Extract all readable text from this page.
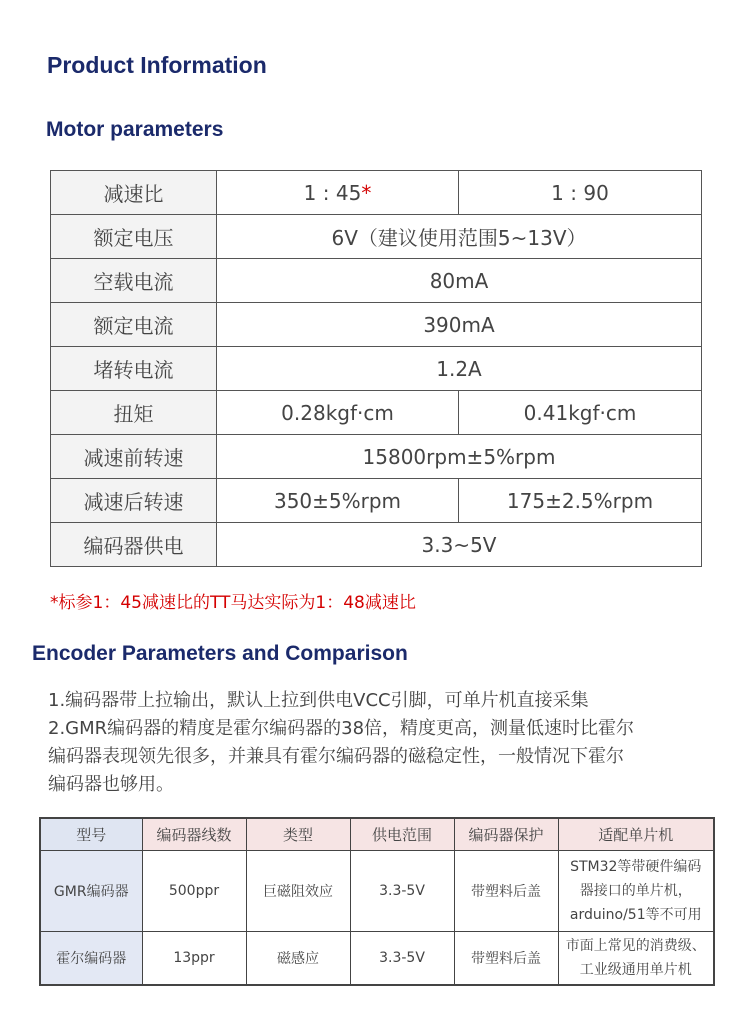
Product Information
Motor parameters
减速比	1 : 45*	1 : 90
额定电压	6V（建议使用范围5~13V）	
空载电流	80mA	
额定电流	390mA	
堵转电流	1.2A	
扭矩	0.28kgf·cm	0.41kgf·cm
减速前转速	15800rpm±5%rpm	
减速后转速	350±5%rpm	175±2.5%rpm
编码器供电	3.3~5V	
*标参1：45减速比的TT马达实际为1：48减速比
Encoder Parameters and Comparison
1.编码器带上拉输出，默认上拉到供电VCC引脚，可单片机直接采集
2.GMR编码器的精度是霍尔编码器的38倍，精度更高，测量低速时比霍尔
编码器表现领先很多，并兼具有霍尔编码器的磁稳定性，一般情况下霍尔
编码器也够用。
型号	编码器线数	类型	供电范围	编码器保护	适配单片机
GMR编码器	500ppr	巨磁阻效应	3.3-5V	带塑料后盖	STM32等带硬件编码
器接口的单片机，
arduino/51等不可用

霍尔编码器	13ppr	磁感应	3.3-5V	带塑料后盖	市面上常见的消费级、
工业级通用单片机
